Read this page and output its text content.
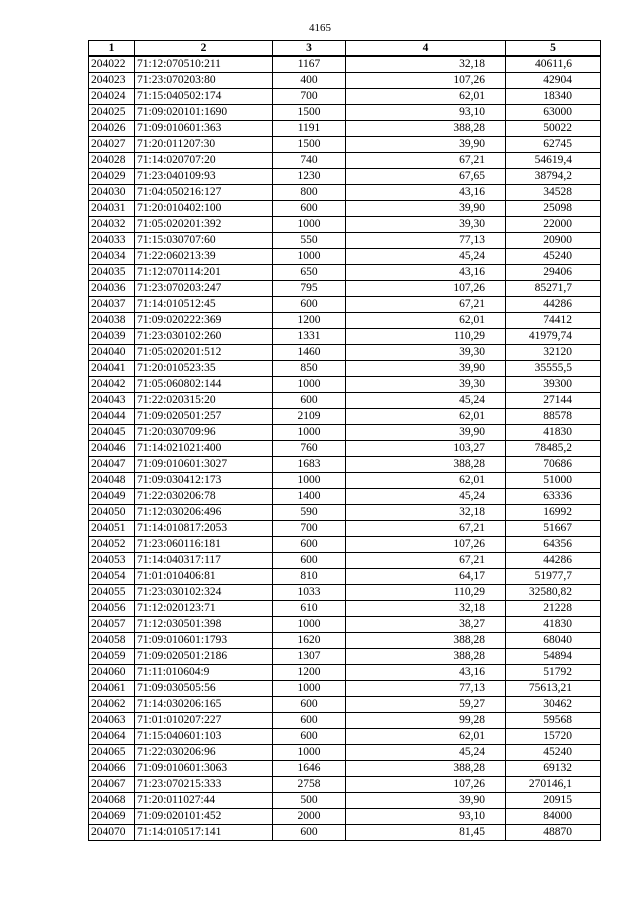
4165
1	2	3	4	5
204022	71:12:070510:211	1167	32,18	40611,6
204023	71:23:070203:80	400	107,26	42904
204024	71:15:040502:174	700	62,01	18340
204025	71:09:020101:1690	1500	93,10	63000
204026	71:09:010601:363	1191	388,28	50022
204027	71:20:011207:30	1500	39,90	62745
204028	71:14:020707:20	740	67,21	54619,4
204029	71:23:040109:93	1230	67,65	38794,2
204030	71:04:050216:127	800	43,16	34528
204031	71:20:010402:100	600	39,90	25098
204032	71:05:020201:392	1000	39,30	22000
204033	71:15:030707:60	550	77,13	20900
204034	71:22:060213:39	1000	45,24	45240
204035	71:12:070114:201	650	43,16	29406
204036	71:23:070203:247	795	107,26	85271,7
204037	71:14:010512:45	600	67,21	44286
204038	71:09:020222:369	1200	62,01	74412
204039	71:23:030102:260	1331	110,29	41979,74
204040	71:05:020201:512	1460	39,30	32120
204041	71:20:010523:35	850	39,90	35555,5
204042	71:05:060802:144	1000	39,30	39300
204043	71:22:020315:20	600	45,24	27144
204044	71:09:020501:257	2109	62,01	88578
204045	71:20:030709:96	1000	39,90	41830
204046	71:14:021021:400	760	103,27	78485,2
204047	71:09:010601:3027	1683	388,28	70686
204048	71:09:030412:173	1000	62,01	51000
204049	71:22:030206:78	1400	45,24	63336
204050	71:12:030206:496	590	32,18	16992
204051	71:14:010817:2053	700	67,21	51667
204052	71:23:060116:181	600	107,26	64356
204053	71:14:040317:117	600	67,21	44286
204054	71:01:010406:81	810	64,17	51977,7
204055	71:23:030102:324	1033	110,29	32580,82
204056	71:12:020123:71	610	32,18	21228
204057	71:12:030501:398	1000	38,27	41830
204058	71:09:010601:1793	1620	388,28	68040
204059	71:09:020501:2186	1307	388,28	54894
204060	71:11:010604:9	1200	43,16	51792
204061	71:09:030505:56	1000	77,13	75613,21
204062	71:14:030206:165	600	59,27	30462
204063	71:01:010207:227	600	99,28	59568
204064	71:15:040601:103	600	62,01	15720
204065	71:22:030206:96	1000	45,24	45240
204066	71:09:010601:3063	1646	388,28	69132
204067	71:23:070215:333	2758	107,26	270146,1
204068	71:20:011027:44	500	39,90	20915
204069	71:09:020101:452	2000	93,10	84000
204070	71:14:010517:141	600	81,45	48870
